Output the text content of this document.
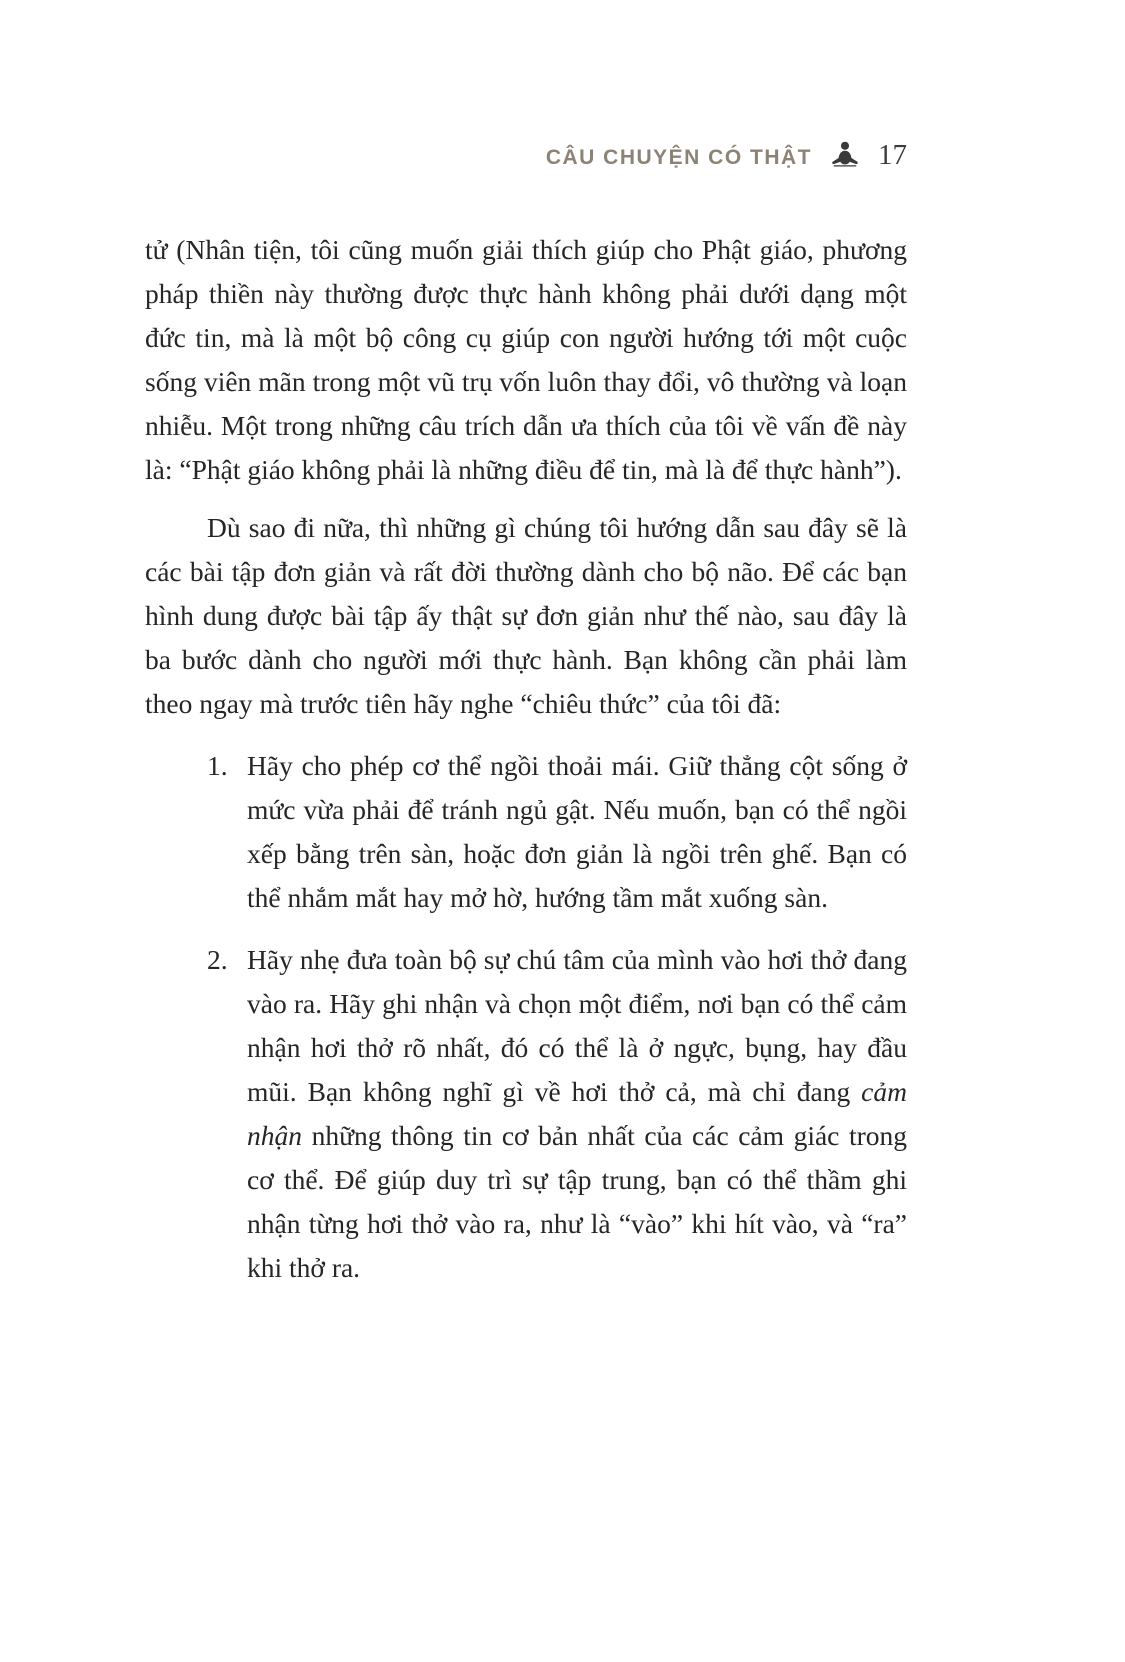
CÂU CHUYỆN CÓ THẬT 17

tử (Nhân tiện, tôi cũng muốn giải thích giúp cho Phật giáo, phương pháp thiền này thường được thực hành không phải dưới dạng một đức tin, mà là một bộ công cụ giúp con người hướng tới một cuộc sống viên mãn trong một vũ trụ vốn luôn thay đổi, vô thường và loạn nhiễu. Một trong những câu trích dẫn ưa thích của tôi về vấn đề này là: “Phật giáo không phải là những điều để tin, mà là để thực hành”).

Dù sao đi nữa, thì những gì chúng tôi hướng dẫn sau đây sẽ là các bài tập đơn giản và rất đời thường dành cho bộ não. Để các bạn hình dung được bài tập ấy thật sự đơn giản như thế nào, sau đây là ba bước dành cho người mới thực hành. Bạn không cần phải làm theo ngay mà trước tiên hãy nghe “chiêu thức” của tôi đã:

1. Hãy cho phép cơ thể ngồi thoải mái. Giữ thẳng cột sống ở mức vừa phải để tránh ngủ gật. Nếu muốn, bạn có thể ngồi xếp bằng trên sàn, hoặc đơn giản là ngồi trên ghế. Bạn có thể nhắm mắt hay mở hờ, hướng tầm mắt xuống sàn.
2. Hãy nhẹ đưa toàn bộ sự chú tâm của mình vào hơi thở đang vào ra. Hãy ghi nhận và chọn một điểm, nơi bạn có thể cảm nhận hơi thở rõ nhất, đó có thể là ở ngực, bụng, hay đầu mũi. Bạn không nghĩ gì về hơi thở cả, mà chỉ đang cảm nhận những thông tin cơ bản nhất của các cảm giác trong cơ thể. Để giúp duy trì sự tập trung, bạn có thể thầm ghi nhận từng hơi thở vào ra, như là “vào” khi hít vào, và “ra” khi thở ra.
